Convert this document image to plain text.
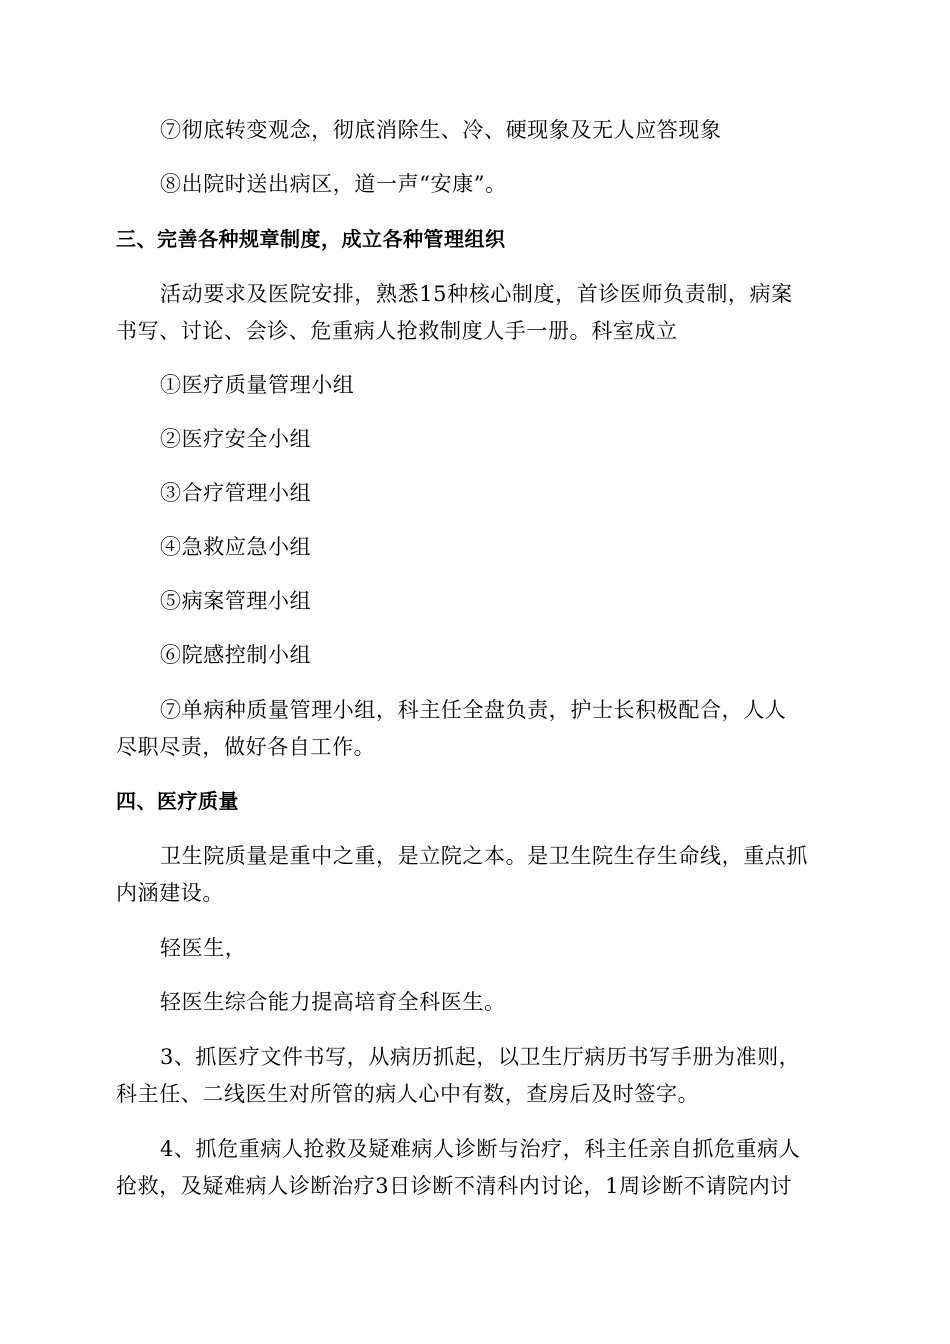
⑦彻底转变观念，彻底消除生、冷、硬现象及无人应答现象
⑧出院时送出病区，道一声“安康”。
三、完善各种规章制度，成立各种管理组织
活动要求及医院安排，熟悉15种核心制度，首诊医师负责制，病案
书写、讨论、会诊、危重病人抢救制度人手一册。科室成立
①医疗质量管理小组
②医疗安全小组
③合疗管理小组
④急救应急小组
⑤病案管理小组
⑥院感控制小组
⑦单病种质量管理小组，科主任全盘负责，护士长积极配合，人人
尽职尽责，做好各自工作。
四、医疗质量
卫生院质量是重中之重，是立院之本。是卫生院生存生命线，重点抓
内涵建设。
轻医生，
轻医生综合能力提高培育全科医生。
3、抓医疗文件书写，从病历抓起，以卫生厅病历书写手册为准则，
科主任、二线医生对所管的病人心中有数，查房后及时签字。
4、抓危重病人抢救及疑难病人诊断与治疗，科主任亲自抓危重病人
抢救，及疑难病人诊断治疗3日诊断不清科内讨论，1周诊断不请院内讨
